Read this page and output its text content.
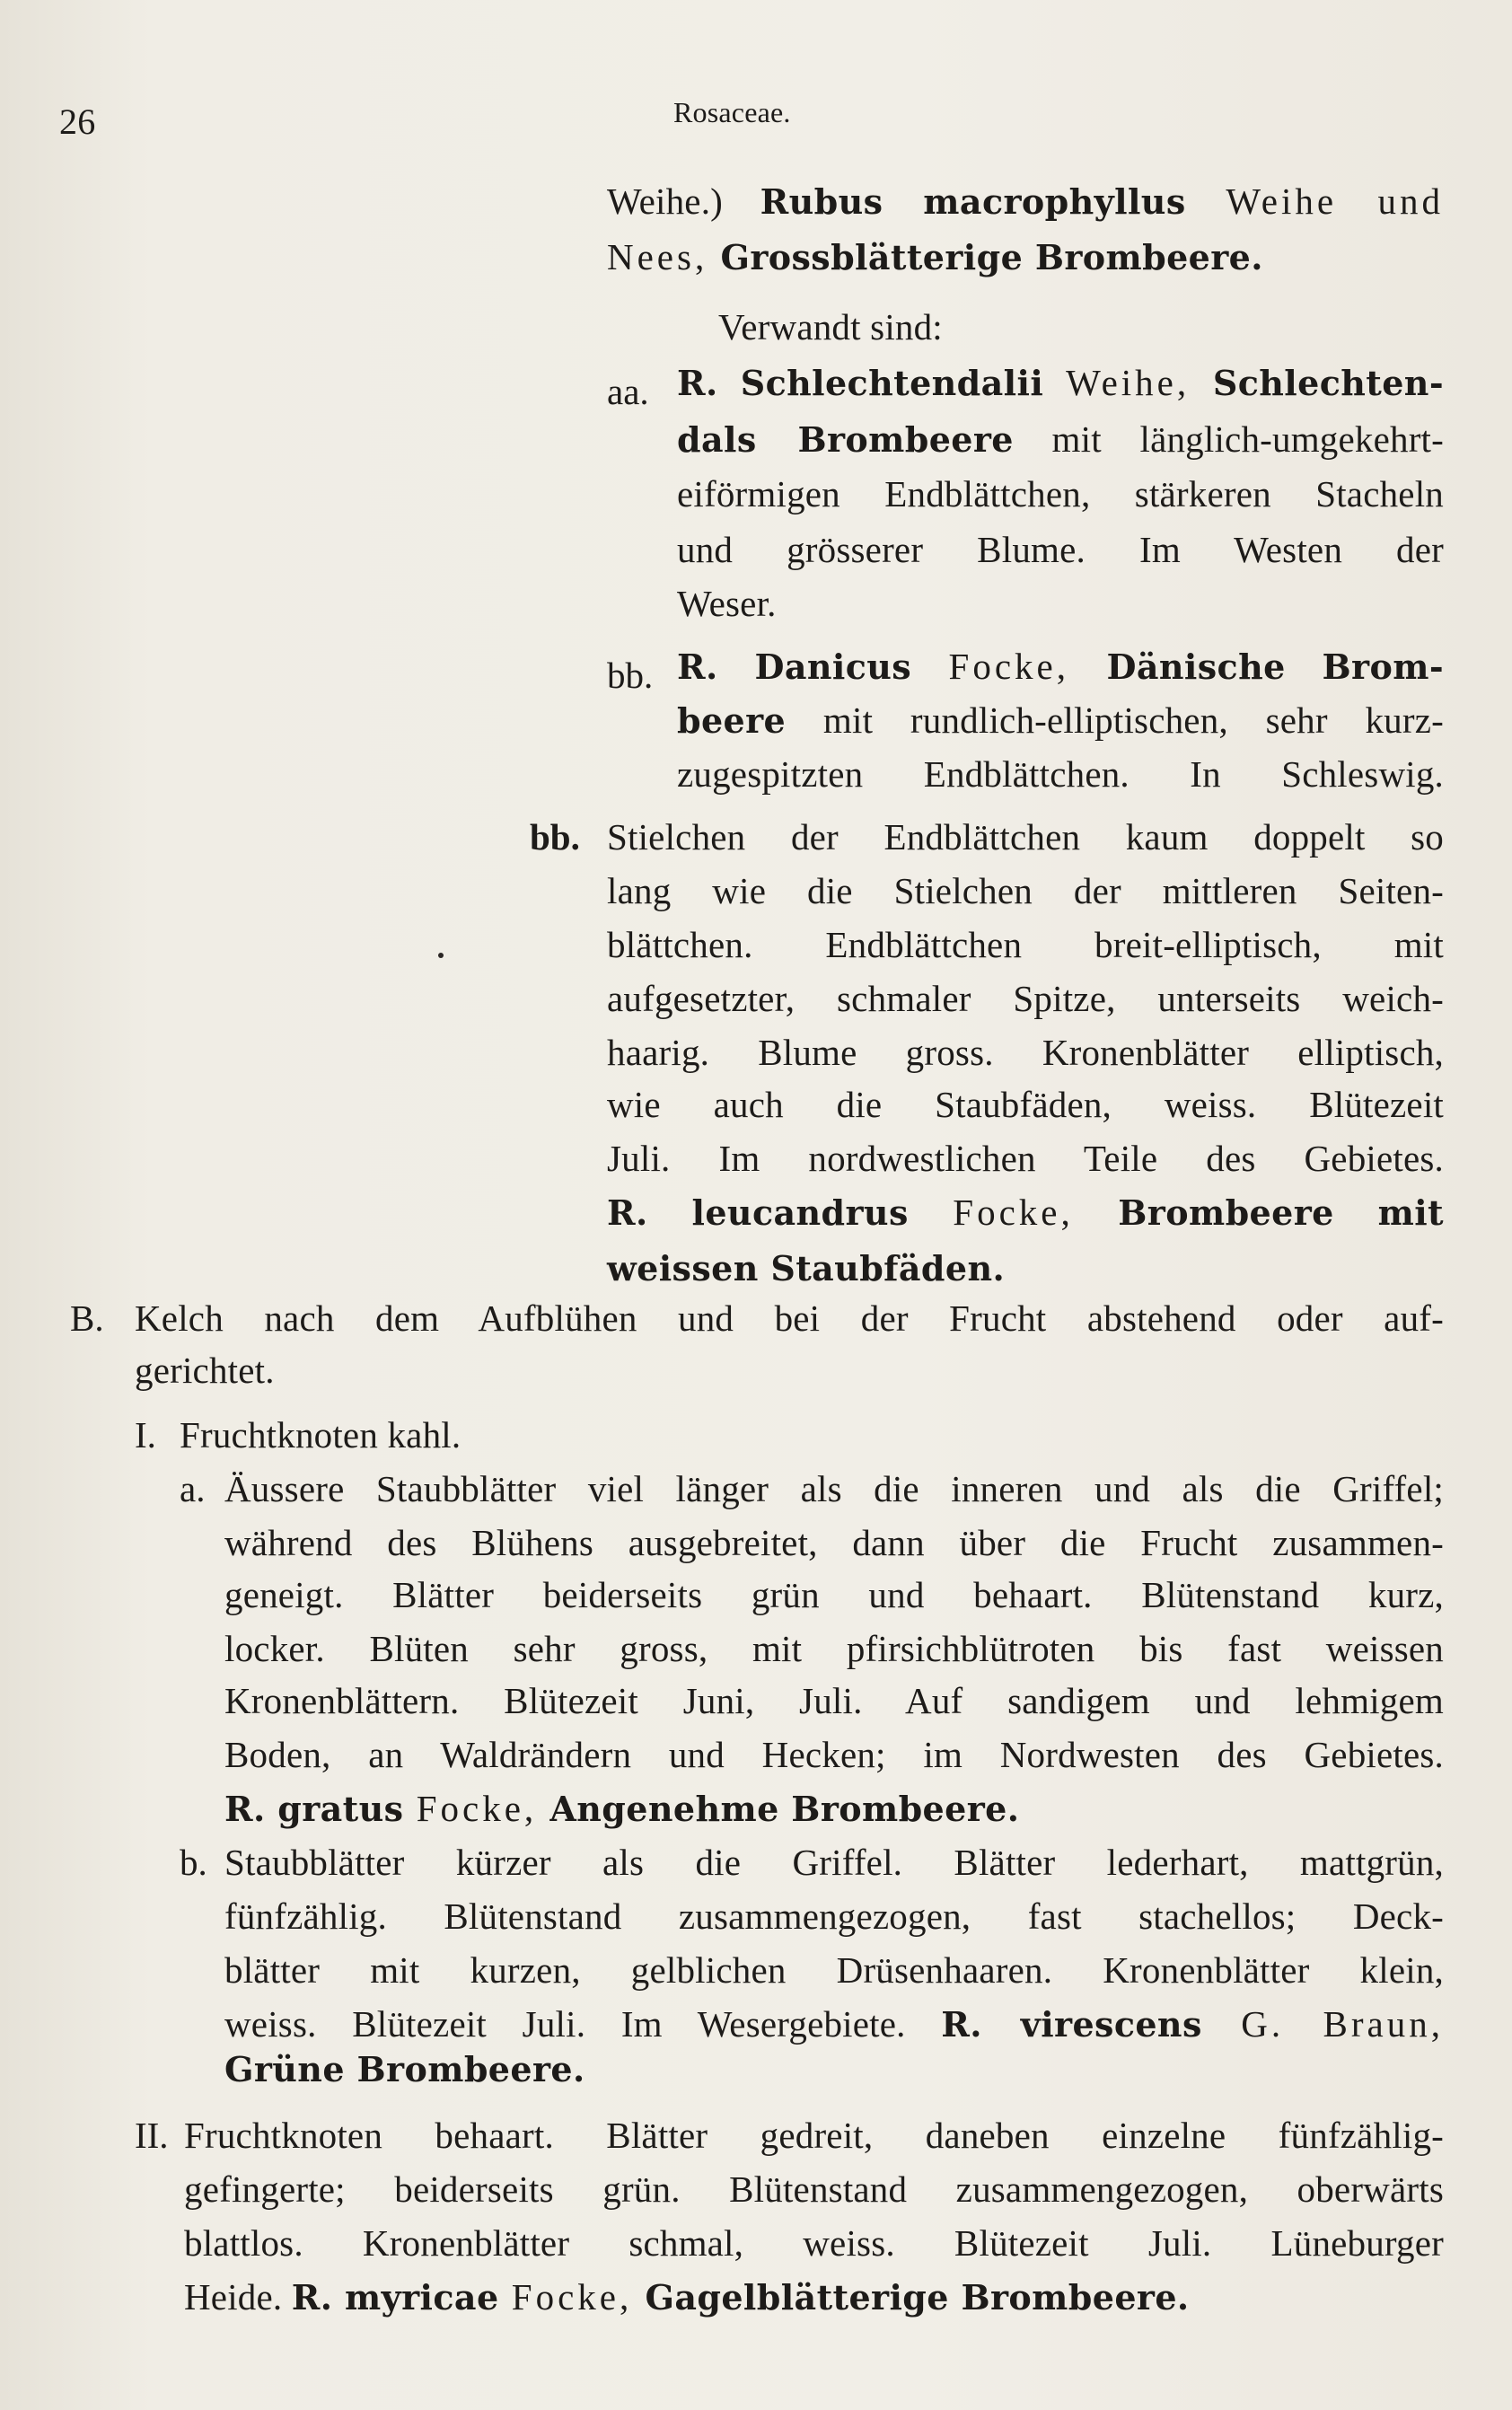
26	Rosaceae.
Weihe.) Rubus macrophyllus Weihe und
Nees, Grossblätterige Brombeere.
Verwandt sind:
aa. R. Schlechtendalii Weihe, Schlechten-
dals Brombeere mit länglich-umgekehrt-
eiförmigen Endblättchen, stärkeren Stacheln
und grösserer Blume. Im Westen der
Weser.
bb. R. Danicus Focke, Dänische Brom-
beere mit rundlich-elliptischen, sehr kurz-
zugespitzten Endblättchen. In Schleswig.
bb. Stielchen der Endblättchen kaum doppelt so
lang wie die Stielchen der mittleren Seiten-
blättchen. Endblättchen breit-elliptisch, mit
aufgesetzter, schmaler Spitze, unterseits weich-
haarig. Blume gross. Kronenblätter elliptisch,
wie auch die Staubfäden, weiss. Blütezeit
Juli. Im nordwestlichen Teile des Gebietes.
R. leucandrus Focke, Brombeere mit
weissen Staubfäden.
B. Kelch nach dem Aufblühen und bei der Frucht abstehend oder auf-
gerichtet.
I. Fruchtknoten kahl.
a. Äussere Staubblätter viel länger als die inneren und als die Griffel;
während des Blühens ausgebreitet, dann über die Frucht zusammen-
geneigt. Blätter beiderseits grün und behaart. Blütenstand kurz,
locker. Blüten sehr gross, mit pfirsichblütroten bis fast weissen
Kronenblättern. Blütezeit Juni, Juli. Auf sandigem und lehmigem
Boden, an Waldrändern und Hecken; im Nordwesten des Gebietes.
R. gratus Focke, Angenehme Brombeere.
b. Staubblätter kürzer als die Griffel. Blätter lederhart, mattgrün,
fünfzählig. Blütenstand zusammengezogen, fast stachellos; Deck-
blätter mit kurzen, gelblichen Drüsenhaaren. Kronenblätter klein,
weiss. Blütezeit Juli. Im Wesergebiete. R. virescens G. Braun,
Grüne Brombeere.
II. Fruchtknoten behaart. Blätter gedreit, daneben einzelne fünfzählig-
gefingerte; beiderseits grün. Blütenstand zusammengezogen, oberwärts
blattlos. Kronenblätter schmal, weiss. Blütezeit Juli. Lüneburger
Heide. R. myricae Focke, Gagelblätterige Brombeere.
